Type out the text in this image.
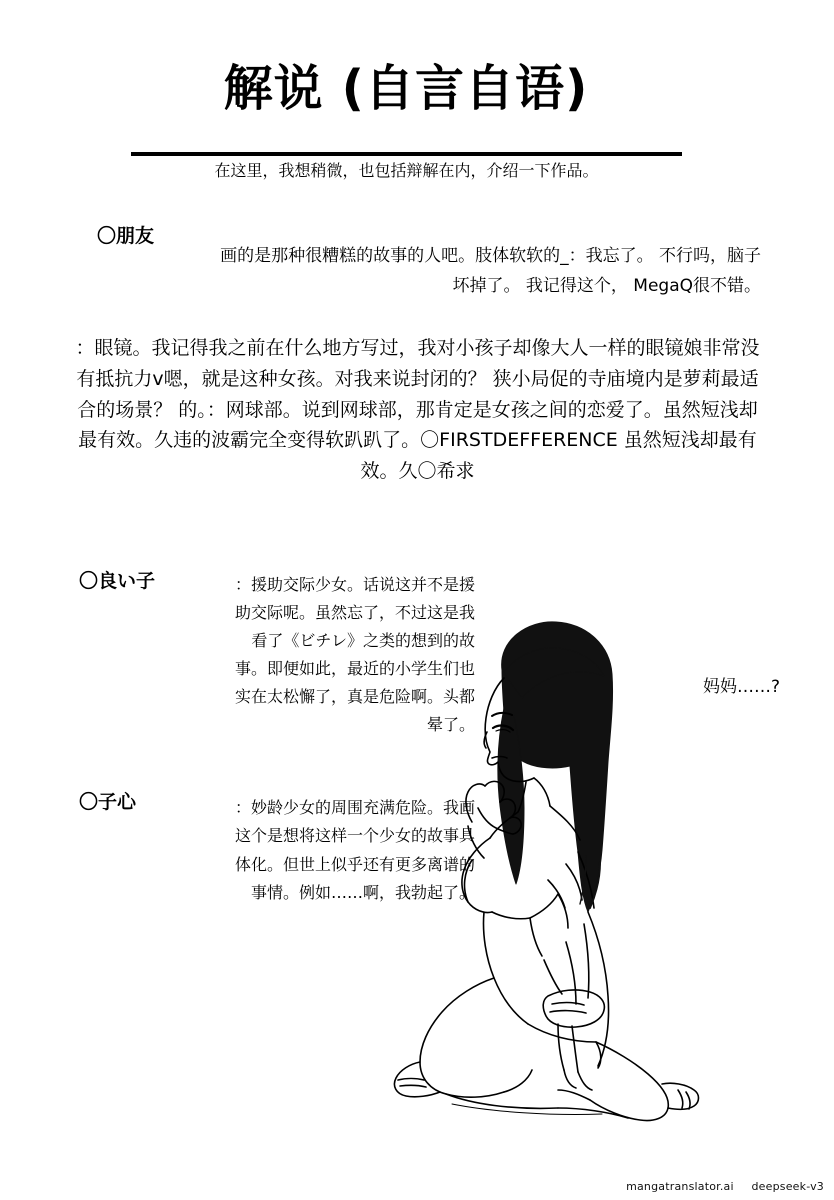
解说 (自言自语)
在这里，我想稍微，也包括辩解在内，介绍一下作品。
〇朋友
画的是那种很糟糕的故事的人吧。肢体软软的_：我忘了。 不行吗，脑子坏掉了。 我记得这个， MegaQ很不错。

：眼镜。我记得我之前在什么地方写过，我对小孩子却像大人一样的眼镜娘非常没有抵抗力v嗯，就是这种女孩。对我来说封闭的？ 狭小局促的寺庙境内是萝莉最适合的场景？ 的。：网球部。说到网球部，那肯定是女孩之间的恋爱了。虽然短浅却最有效。久违的波霸完全变得软趴趴了。〇FIRSTDEFFERENCE 虽然短浅却最有效。久〇希求

〇良い子	：援助交际少女。话说这并不是援助交际呢。虽然忘了，不过这是我看了《ビチレ》之类的想到的故事。即便如此，最近的小学生们也实在太松懈了，真是危险啊。头都晕了。
〇子心	：妙龄少女的周围充满危险。我画这个是想将这样一个少女的故事具体化。但世上似乎还有更多离谱的事情。例如……啊，我勃起了。
妈妈……?
mangatranslator.ai deepseek-v3
